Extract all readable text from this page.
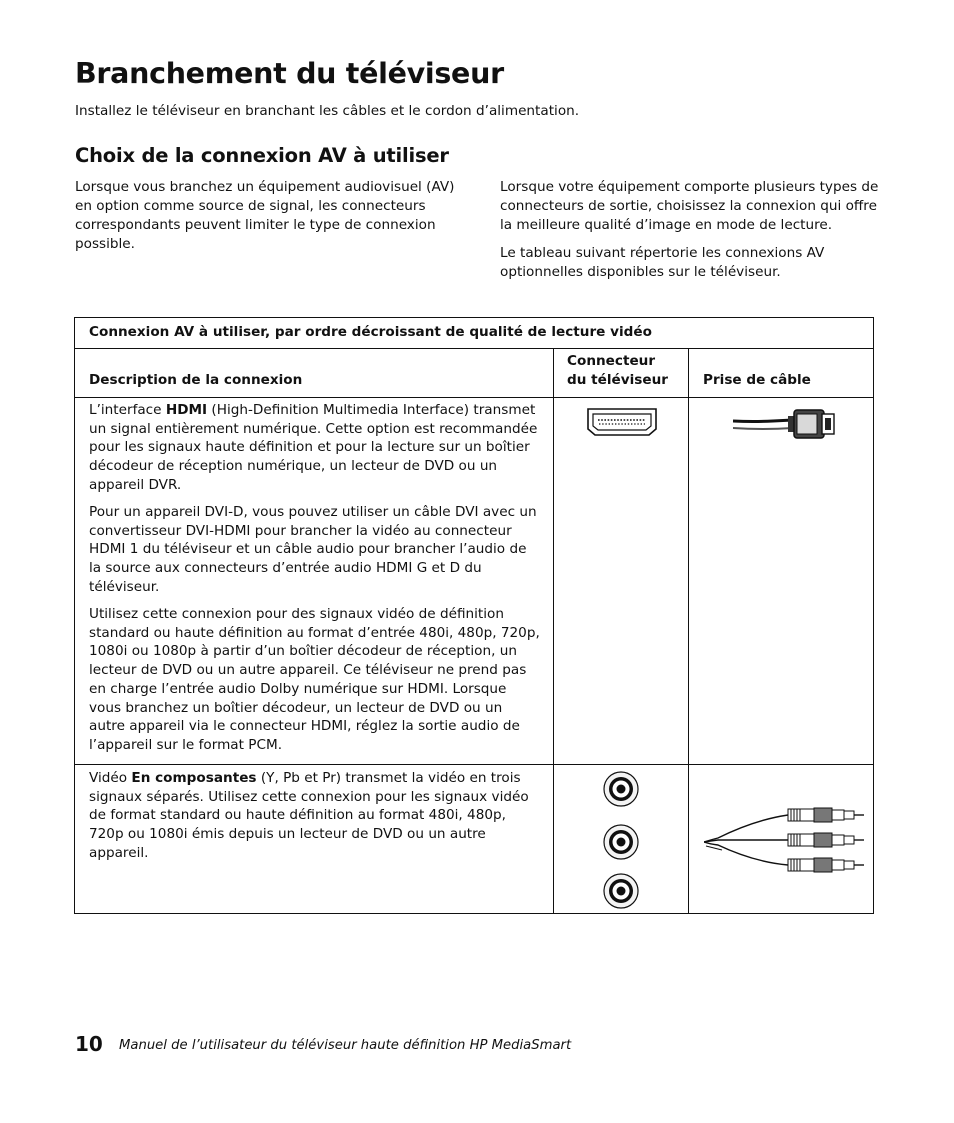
Branchement du téléviseur
Installez le téléviseur en branchant les câbles et le cordon d’alimentation.
Choix de la connexion AV à utiliser
Lorsque vous branchez un équipement audiovisuel (AV) en option comme source de signal, les connecteurs correspondants peuvent limiter le type de connexion possible.
Lorsque votre équipement comporte plusieurs types de connecteurs de sortie, choisissez la connexion qui offre la meilleure qualité d’image en mode de lecture.
Le tableau suivant répertorie les connexions AV optionnelles disponibles sur le téléviseur.
Connexion AV à utiliser, par ordre décroissant de qualité de lecture vidéo
Description de la connexion
Connecteur du téléviseur	Prise de câble

L’interface HDMI (High-Definition Multimedia Interface) transmet un signal entièrement numérique. Cette option est recommandée pour les signaux haute définition et pour la lecture sur un boîtier décodeur de réception numérique, un lecteur de DVD ou un appareil DVR.

Pour un appareil DVI-D, vous pouvez utiliser un câble DVI avec un convertisseur DVI-HDMI pour brancher la vidéo au connecteur HDMI 1 du téléviseur et un câble audio pour brancher l’audio de la source aux connecteurs d’entrée audio HDMI G et D du téléviseur.

Utilisez cette connexion pour des signaux vidéo de définition standard ou haute définition au format d’entrée 480i, 480p, 720p, 1080i ou 1080p à partir d’un boîtier décodeur de réception, un lecteur de DVD ou un autre appareil. Ce téléviseur ne prend pas en charge l’entrée audio Dolby numérique sur HDMI. Lorsque vous branchez un boîtier décodeur, un lecteur de DVD ou un autre appareil via le connecteur HDMI, réglez la sortie audio de l’appareil sur le format PCM.

Vidéo En composantes (Y, Pb et Pr) transmet la vidéo en trois signaux séparés. Utilisez cette connexion pour les signaux vidéo de format standard ou haute définition au format 480i, 480p, 720p ou 1080i émis depuis un lecteur de DVD ou un autre appareil.

10 Manuel de l’utilisateur du téléviseur haute définition HP MediaSmart
